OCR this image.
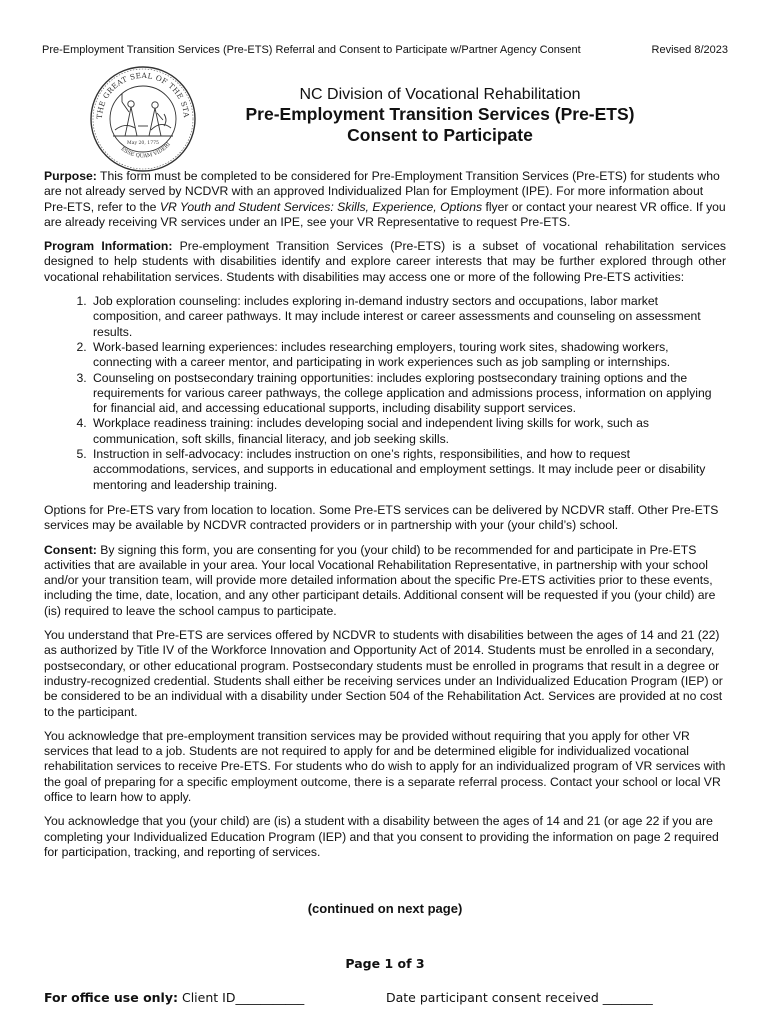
Pre-Employment Transition Services (Pre-ETS) Referral and Consent to Participate w/Partner Agency Consent	Revised 8/2023
THE GREAT SEAL OF THE STA
ESSE QUAM VIDERI
May 20, 1775
NC Division of Vocational Rehabilitation
Pre-Employment Transition Services (Pre-ETS)
Consent to Participate

Purpose: This form must be completed to be considered for Pre-Employment Transition Services (Pre-ETS) for students who are not already served by NCDVR with an approved Individualized Plan for Employment (IPE). For more information about Pre-ETS, refer to the VR Youth and Student Services: Skills, Experience, Options flyer or contact your nearest VR office. If you are already receiving VR services under an IPE, see your VR Representative to request Pre-ETS.

Program Information: Pre-employment Transition Services (Pre-ETS) is a subset of vocational rehabilitation services designed to help students with disabilities identify and explore career interests that may be further explored through other vocational rehabilitation services. Students with disabilities may access one or more of the following Pre-ETS activities:

1. Job exploration counseling: includes exploring in-demand industry sectors and occupations, labor market composition, and career pathways. It may include interest or career assessments and counseling on assessment results.
2. Work-based learning experiences: includes researching employers, touring work sites, shadowing workers, connecting with a career mentor, and participating in work experiences such as job sampling or internships.
3. Counseling on postsecondary training opportunities: includes exploring postsecondary training options and the requirements for various career pathways, the college application and admissions process, information on applying for financial aid, and accessing educational supports, including disability support services.
4. Workplace readiness training: includes developing social and independent living skills for work, such as communication, soft skills, financial literacy, and job seeking skills.
5. Instruction in self-advocacy: includes instruction on one’s rights, responsibilities, and how to request accommodations, services, and supports in educational and employment settings. It may include peer or disability mentoring and leadership training.

Options for Pre-ETS vary from location to location. Some Pre-ETS services can be delivered by NCDVR staff. Other Pre-ETS services may be available by NCDVR contracted providers or in partnership with your (your child’s) school.

Consent: By signing this form, you are consenting for you (your child) to be recommended for and participate in Pre-ETS activities that are available in your area. Your local Vocational Rehabilitation Representative, in partnership with your school and/or your transition team, will provide more detailed information about the specific Pre-ETS activities prior to these events, including the time, date, location, and any other participant details. Additional consent will be requested if you (your child) are (is) required to leave the school campus to participate.

You understand that Pre-ETS are services offered by NCDVR to students with disabilities between the ages of 14 and 21 (22) as authorized by Title IV of the Workforce Innovation and Opportunity Act of 2014. Students must be enrolled in a secondary, postsecondary, or other educational program. Postsecondary students must be enrolled in programs that result in a degree or industry-recognized credential. Students shall either be receiving services under an Individualized Education Program (IEP) or be considered to be an individual with a disability under Section 504 of the Rehabilitation Act. Services are provided at no cost to the participant.

You acknowledge that pre-employment transition services may be provided without requiring that you apply for other VR services that lead to a job. Students are not required to apply for and be determined eligible for individualized vocational rehabilitation services to receive Pre-ETS. For students who do wish to apply for an individualized program of VR services with the goal of preparing for a specific employment outcome, there is a separate referral process. Contact your school or local VR office to learn how to apply.

You acknowledge that you (your child) are (is) a student with a disability between the ages of 14 and 21 (or age 22 if you are completing your Individualized Education Program (IEP) and that you consent to providing the information on page 2 required for participation, tracking, and reporting of services.

(continued on next page)
Page 1 of 3
For office use only: Client ID___________	Date participant consent received ________
